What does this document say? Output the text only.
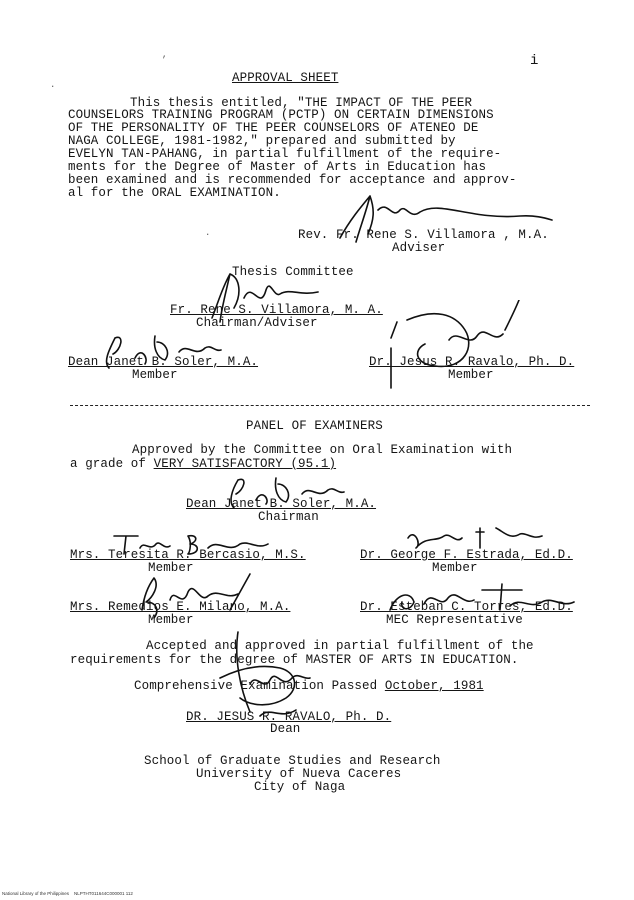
i
,
.	APPROVAL SHEET
This thesis entitled, "THE IMPACT OF THE PEER
COUNSELORS TRAINING PROGRAM (PCTP) ON CERTAIN DIMENSIONS
OF THE PERSONALITY OF THE PEER COUNSELORS OF ATENEO DE
NAGA COLLEGE, 1981-1982," prepared and submitted by
EVELYN TAN-PAHANG, in partial fulfillment of the require-
ments for the Degree of Master of Arts in Education has
been examined and is recommended for acceptance and approv-
al for the ORAL EXAMINATION.
Rev. Fr. Rene S. Villamora , M.A.
Adviser
.
Thesis Committee
Fr. Rene S. Villamora, M. A.
Chairman/Adviser
Dean Janet B. Soler, M.A.
Member
Dr. Jesus R. Ravalo, Ph. D.
Member
PANEL OF EXAMINERS
Approved by the Committee on Oral Examination with
a grade of VERY SATISFACTORY (95.1)
Dean Janet B. Soler, M.A.
Chairman
Mrs. Teresita R. Bercasio, M.S.
Member
Dr. George F. Estrada, Ed.D.
Member
Mrs. Remedios E. Milano, M.A.
Member
Dr. Esteban C. Torres, Ed.D.
MEC Representative
Accepted and approved in partial fulfillment of the
requirements for the degree of MASTER OF ARTS IN EDUCATION.
Comprehensive Examination Passed October, 1981
DR. JESUS R. RAVALO, Ph. D.
Dean
School of Graduate Studies and Research
University of Nueva Caceres
City of Naga
National Library of the Philippines    NLPTHT011644C000001 112
